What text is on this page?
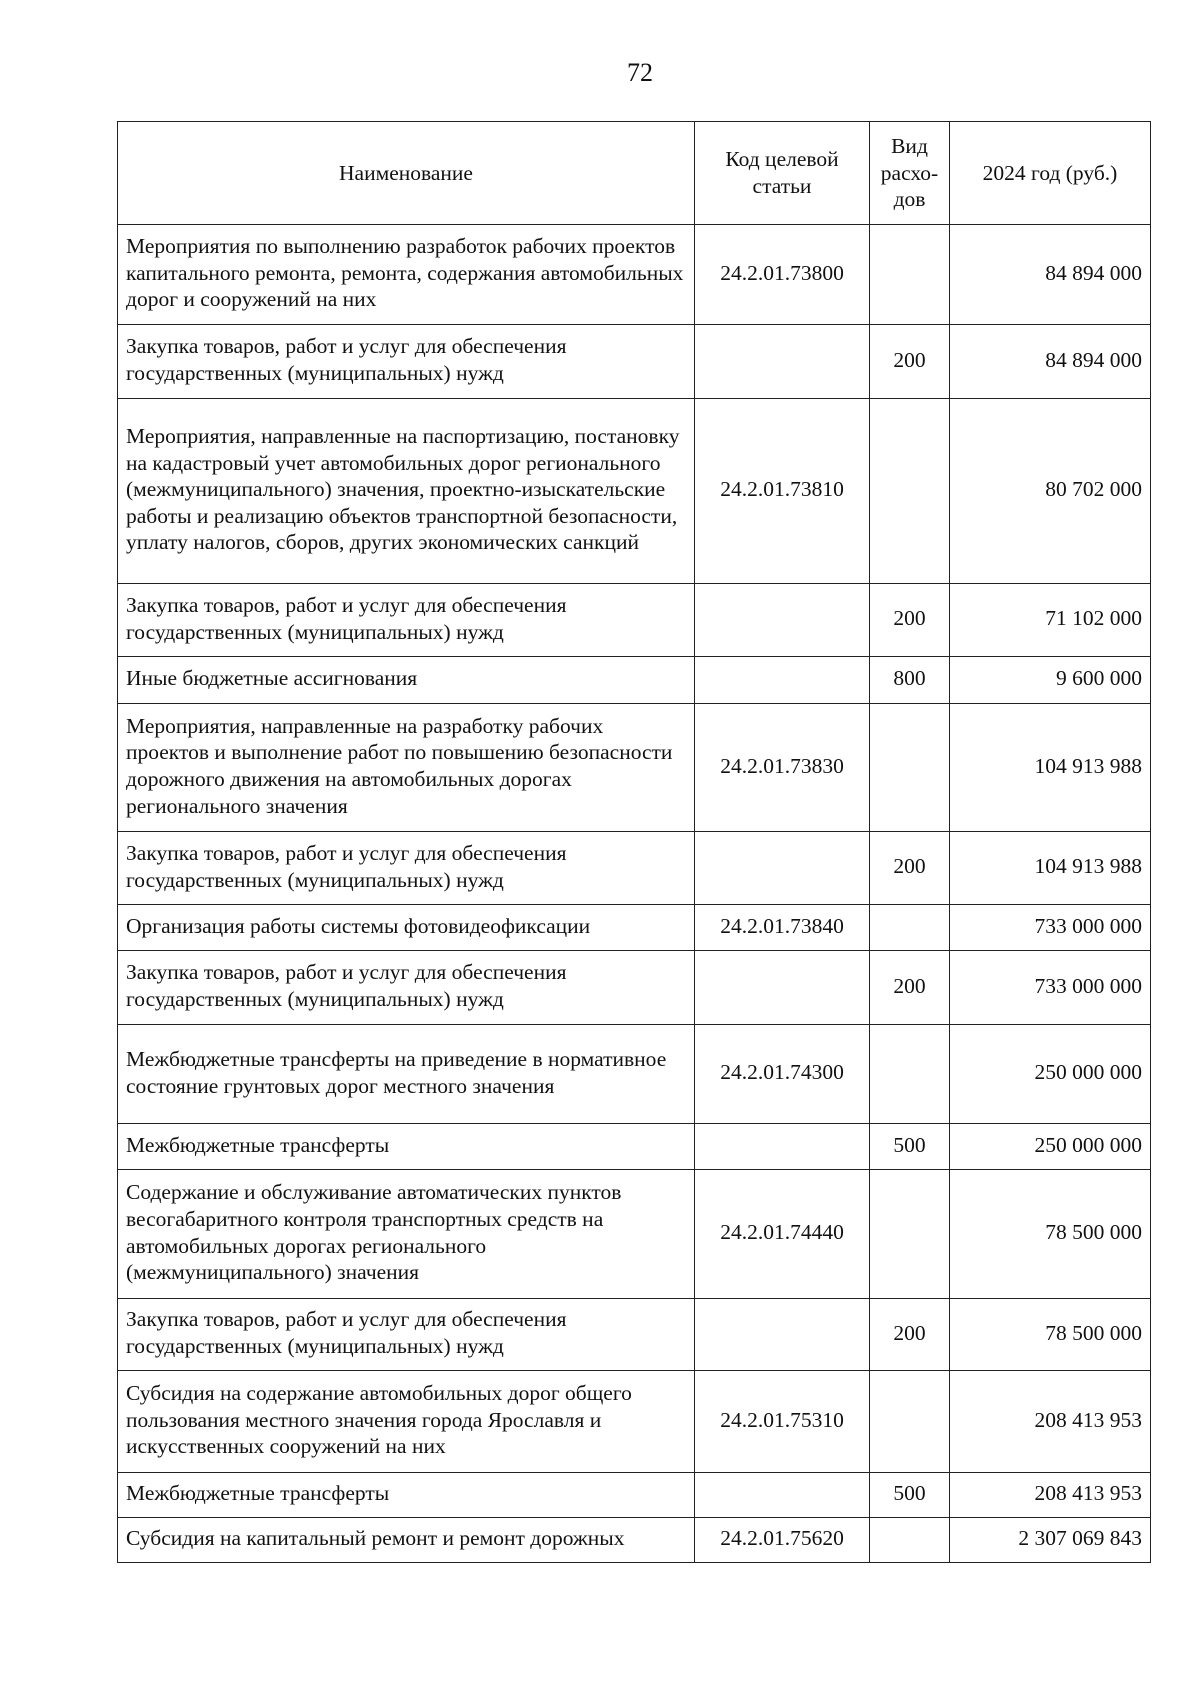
72
Наименование	Код целевой статьи	Вид расхо-дов	2024 год (руб.)
Мероприятия по выполнению разработок рабочих проектов капитального ремонта, ремонта, содержания автомобильных дорог и сооружений на них	24.2.01.73800		84 894 000
Закупка товаров, работ и услуг для обеспечения государственных (муниципальных) нужд		200	84 894 000
Мероприятия, направленные на паспортизацию, постановку на кадастровый учет автомобильных дорог регионального (межмуниципального) значения, проектно-изыскательские работы и реализацию объектов транспортной безопасности, уплату налогов, сборов, других экономических санкций	24.2.01.73810		80 702 000
Закупка товаров, работ и услуг для обеспечения государственных (муниципальных) нужд		200	71 102 000
Иные бюджетные ассигнования		800	9 600 000
Мероприятия, направленные на разработку рабочих проектов и выполнение работ по повышению безопасности дорожного движения на автомобильных дорогах регионального значения	24.2.01.73830		104 913 988
Закупка товаров, работ и услуг для обеспечения государственных (муниципальных) нужд		200	104 913 988
Организация работы системы фотовидеофиксации	24.2.01.73840		733 000 000
Закупка товаров, работ и услуг для обеспечения государственных (муниципальных) нужд		200	733 000 000
Межбюджетные трансферты на приведение в нормативное состояние грунтовых дорог местного значения	24.2.01.74300		250 000 000
Межбюджетные трансферты		500	250 000 000
Содержание и обслуживание автоматических пунктов весогабаритного контроля транспортных средств на автомобильных дорогах регионального (межмуниципального) значения	24.2.01.74440		78 500 000
Закупка товаров, работ и услуг для обеспечения государственных (муниципальных) нужд		200	78 500 000
Субсидия на содержание автомобильных дорог общего пользования местного значения города Ярославля и искусственных сооружений на них	24.2.01.75310		208 413 953
Межбюджетные трансферты		500	208 413 953
Субсидия на капитальный ремонт и ремонт дорожных	24.2.01.75620		2 307 069 843
